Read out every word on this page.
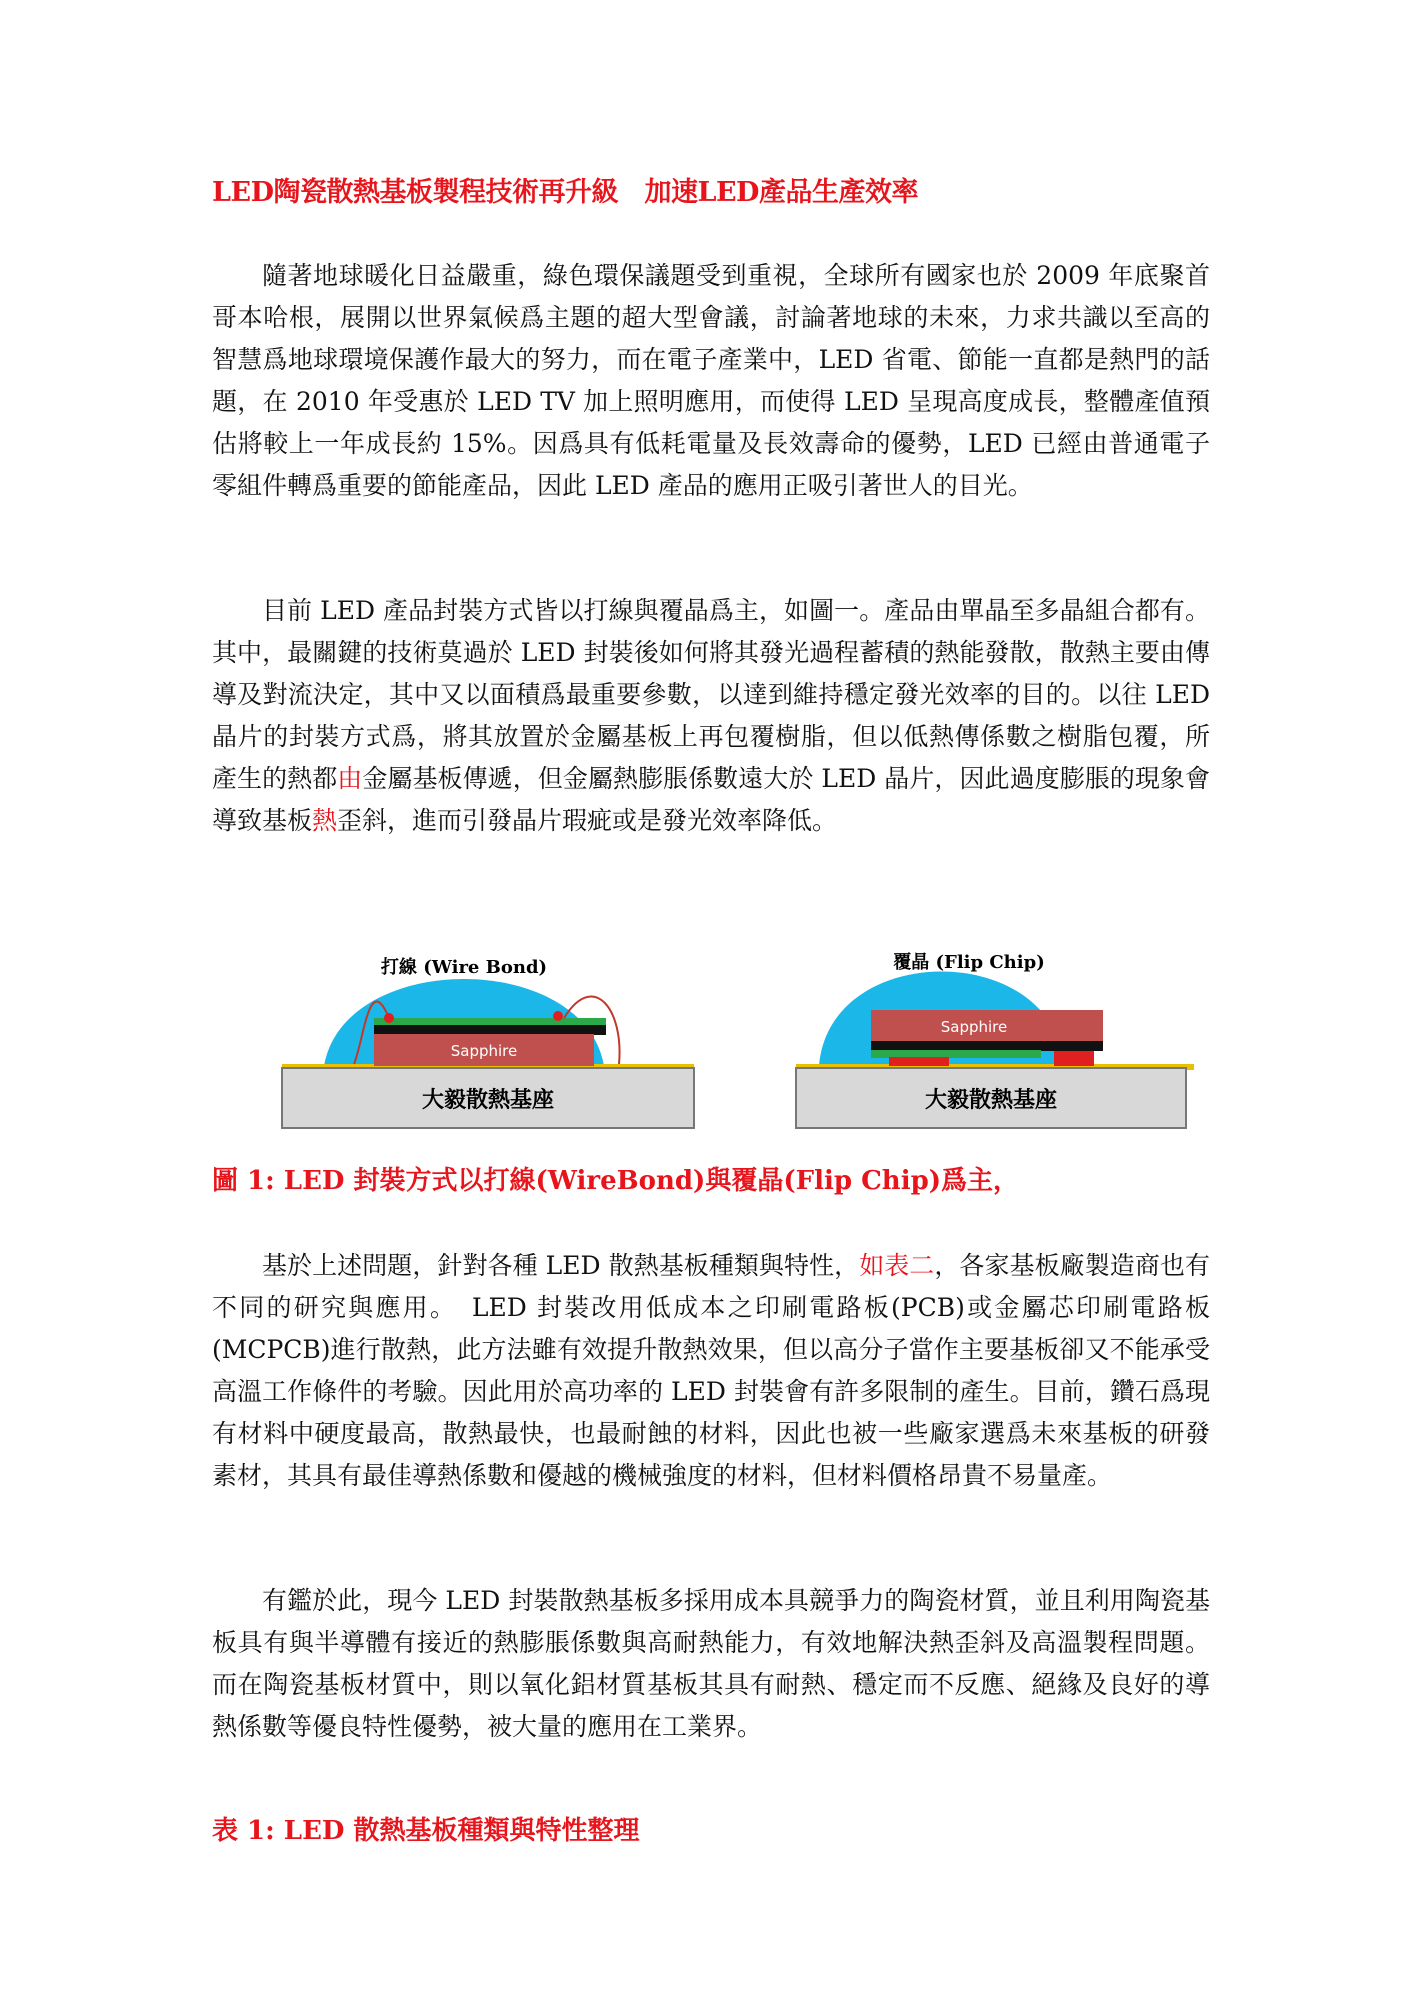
LED陶瓷散熱基板製程技術再升級　加速LED產品生產效率

隨著地球暖化日益嚴重，綠色環保議題受到重視，全球所有國家也於 2009 年底聚首哥本哈根，展開以世界氣候爲主題的超大型會議，討論著地球的未來，力求共識以至高的智慧爲地球環境保護作最大的努力，而在電子產業中，LED 省電、節能一直都是熱門的話題，在 2010 年受惠於 LED TV 加上照明應用，而使得 LED 呈現高度成長，整體產值預估將較上一年成長約 15%。因爲具有低耗電量及長效壽命的優勢，LED 已經由普通電子零組件轉爲重要的節能產品，因此 LED 產品的應用正吸引著世人的目光。

目前 LED 產品封裝方式皆以打線與覆晶爲主，如圖一。產品由單晶至多晶組合都有。其中，最關鍵的技術莫過於 LED 封裝後如何將其發光過程蓄積的熱能發散，散熱主要由傳導及對流決定，其中又以面積爲最重要參數，以達到維持穩定發光效率的目的。以往 LED 晶片的封裝方式爲，將其放置於金屬基板上再包覆樹脂，但以低熱傳係數之樹脂包覆，所產生的熱都由金屬基板傳遞，但金屬熱膨脹係數遠大於 LED 晶片，因此過度膨脹的現象會導致基板熱歪斜，進而引發晶片瑕疵或是發光效率降低。

打線 (Wire Bond)
Sapphire
大毅散熱基座
覆晶 (Flip Chip)
Sapphire
大毅散熱基座
圖 1: LED 封裝方式以打線(WireBond)與覆晶(Flip Chip)爲主，

基於上述問題，針對各種 LED 散熱基板種類與特性，如表二，各家基板廠製造商也有不同的研究與應用。　LED 封裝改用低成本之印刷電路板(PCB)或金屬芯印刷電路板(MCPCB)進行散熱，此方法雖有效提升散熱效果，但以高分子當作主要基板卻又不能承受高溫工作條件的考驗。因此用於高功率的 LED 封裝會有許多限制的產生。目前，鑽石爲現有材料中硬度最高，散熱最快，也最耐蝕的材料，因此也被一些廠家選爲未來基板的研發素材，其具有最佳導熱係數和優越的機械強度的材料，但材料價格昂貴不易量產。

有鑑於此，現今 LED 封裝散熱基板多採用成本具競爭力的陶瓷材質，並且利用陶瓷基板具有與半導體有接近的熱膨脹係數與高耐熱能力，有效地解決熱歪斜及高溫製程問題。而在陶瓷基板材質中，則以氧化鋁材質基板其具有耐熱、穩定而不反應、絕緣及良好的導熱係數等優良特性優勢，被大量的應用在工業界。

表 1: LED 散熱基板種類與特性整理
